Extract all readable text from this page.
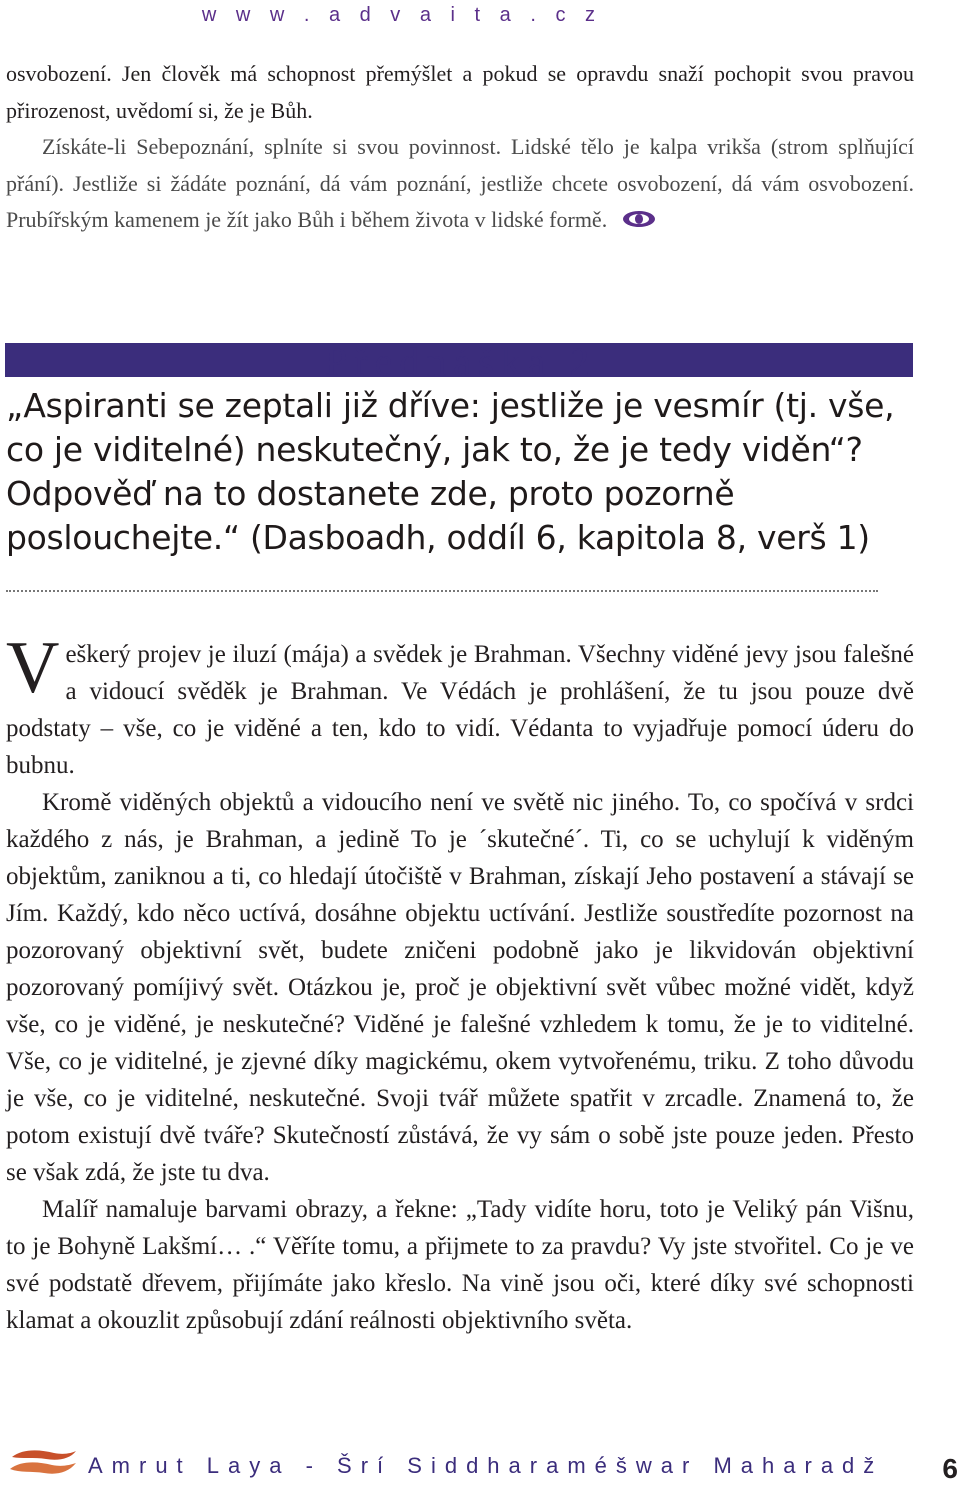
w w w . a d v a i t a . c z
osvobození. Jen člověk má schopnost přemýšlet a pokud se opravdu snaží pochopit svou pravou přirozenost, uvědomí si, že je Bůh.
Získáte-li Sebepoznání, splníte si svou povinnost. Lidské tělo je kalpa vrikša (strom splňující přání). Jestliže si žádáte poznání, dá vám poznání, jestliže chcete osvobození, dá vám osvobození. Prubířským kamenem je žít jako Bůh i během života v lidské formě.
Přednáška 2
„Aspiranti se zeptali již dříve: jestliže je vesmír (tj. vše, co je viditelné) neskutečný, jak to, že je tedy viděn“? Odpověď na to dostanete zde, proto pozorně poslouchejte.“ (Dasboadh, oddíl 6, kapitola 8, verš 1)

Veškerý projev je iluzí (mája) a svědek je Brahman. Všechny viděné jevy jsou falešné a vidoucí svěděk je Brahman. Ve Védách je prohlášení, že tu jsou pouze dvě podstaty – vše, co je viděné a ten, kdo to vidí. Védanta to vyjadřuje pomocí úderu do bubnu.

Kromě viděných objektů a vidoucího není ve světě nic jiného. To, co spočívá v srdci každého z nás, je Brahman, a jedině To je ´skutečné´. Ti, co se uchylují k viděným objektům, zaniknou a ti, co hledají útočiště v Brahman, získají Jeho postavení a stávají se Jím. Každý, kdo něco uctívá, dosáhne objektu uctívání. Jestliže soustředíte pozornost na pozorovaný objektivní svět, budete zničeni podobně jako je likvidován objektivní pozorovaný pomíjivý svět. Otázkou je, proč je objektivní svět vůbec možné vidět, když vše, co je viděné, je neskutečné? Viděné je falešné vzhledem k tomu, že je to viditelné. Vše, co je viditelné, je zjevné díky magickému, okem vytvořenému, triku. Z toho důvodu je vše, co je viditelné, neskutečné. Svoji tvář můžete spatřit v zrcadle. Znamená to, že potom existují dvě tváře? Skutečností zůstává, že vy sám o sobě jste pouze jeden. Přesto se však zdá, že jste tu dva.

Malíř namaluje barvami obrazy, a řekne: „Tady vidíte horu, toto je Veliký pán Višnu, to je Bohyně Lakšmí… .“ Věříte tomu, a přijmete to za pravdu? Vy jste stvořitel. Co je ve své podstatě dřevem, přijímáte jako křeslo. Na vině jsou oči, které díky své schopnosti klamat a okouzlit způsobují zdání reálnosti objektivního světa.

Amrut Laya - Šrí Siddharaméšwar Maharadž 6
